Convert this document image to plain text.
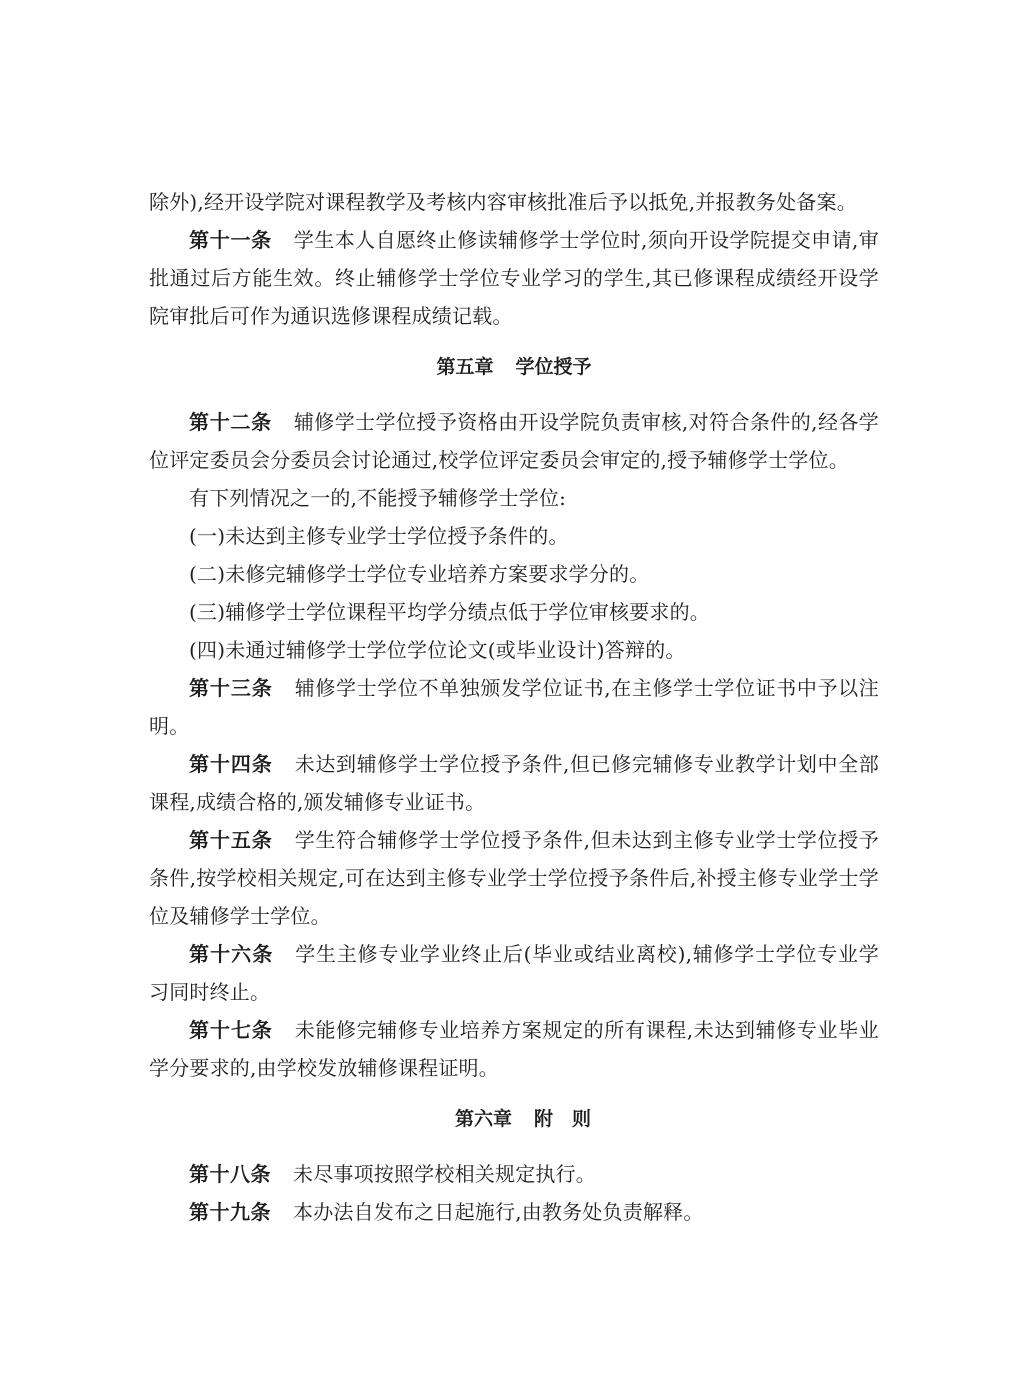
除外),经开设学院对课程教学及考核内容审核批准后予以抵免,并报教务处备案。

第十一条 学生本人自愿终止修读辅修学士学位时,须向开设学院提交申请,审批通过后方能生效。终止辅修学士学位专业学习的学生,其已修课程成绩经开设学院审批后可作为通识选修课程成绩记载。

第五章 学位授予

第十二条 辅修学士学位授予资格由开设学院负责审核,对符合条件的,经各学位评定委员会分委员会讨论通过,校学位评定委员会审定的,授予辅修学士学位。

有下列情况之一的,不能授予辅修学士学位:

(一)未达到主修专业学士学位授予条件的。

(二)未修完辅修学士学位专业培养方案要求学分的。

(三)辅修学士学位课程平均学分绩点低于学位审核要求的。

(四)未通过辅修学士学位学位论文(或毕业设计)答辩的。

第十三条 辅修学士学位不单独颁发学位证书,在主修学士学位证书中予以注明。

第十四条 未达到辅修学士学位授予条件,但已修完辅修专业教学计划中全部课程,成绩合格的,颁发辅修专业证书。

第十五条 学生符合辅修学士学位授予条件,但未达到主修专业学士学位授予条件,按学校相关规定,可在达到主修专业学士学位授予条件后,补授主修专业学士学位及辅修学士学位。

第十六条 学生主修专业学业终止后(毕业或结业离校),辅修学士学位专业学习同时终止。

第十七条 未能修完辅修专业培养方案规定的所有课程,未达到辅修专业毕业学分要求的,由学校发放辅修课程证明。

第六章 附　则

第十八条 未尽事项按照学校相关规定执行。

第十九条 本办法自发布之日起施行,由教务处负责解释。
